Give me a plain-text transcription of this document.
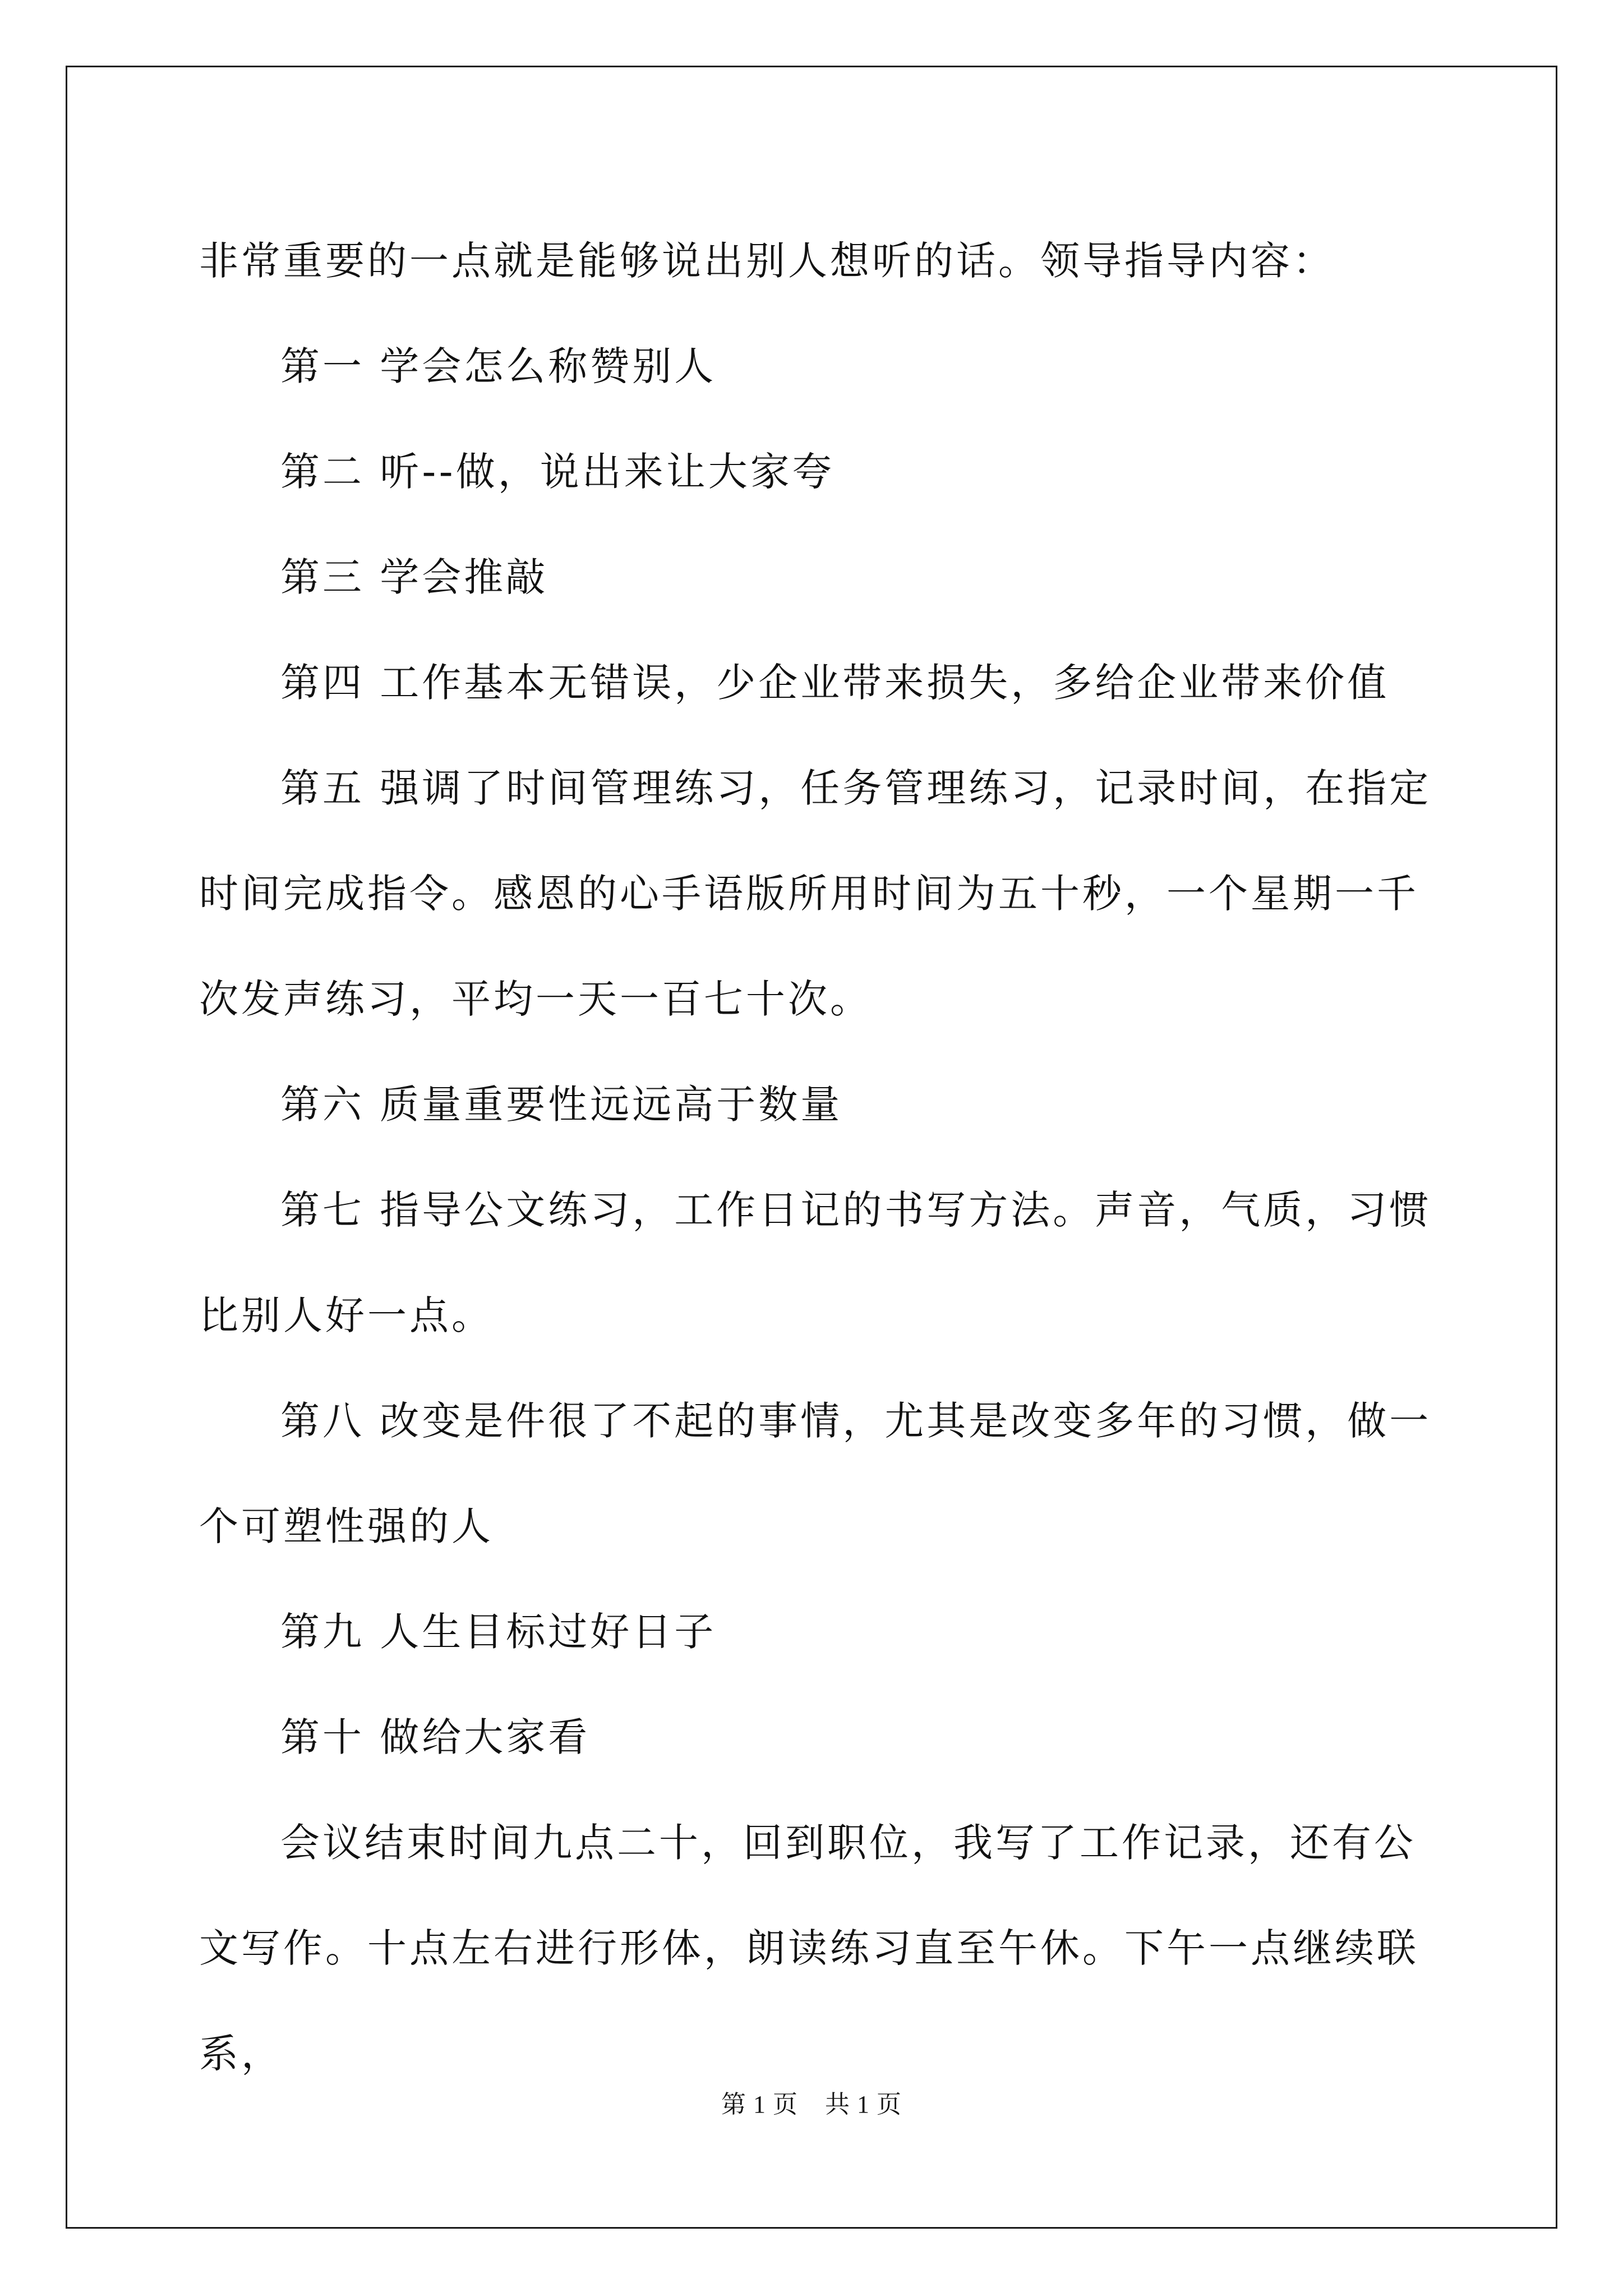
非常重要的一点就是能够说出别人想听的话。领导指导内容：

第一 学会怎么称赞别人

第二 听--做，说出来让大家夸

第三 学会推敲

第四 工作基本无错误，少企业带来损失，多给企业带来价值

第五 强调了时间管理练习，任务管理练习，记录时间，在指定时间完成指令。感恩的心手语版所用时间为五十秒，一个星期一千次发声练习，平均一天一百七十次。

第六 质量重要性远远高于数量

第七 指导公文练习，工作日记的书写方法。声音，气质，习惯比别人好一点。

第八 改变是件很了不起的事情，尤其是改变多年的习惯，做一个可塑性强的人

第九 人生目标过好日子

第十 做给大家看

会议结束时间九点二十，回到职位，我写了工作记录，还有公文写作。十点左右进行形体，朗读练习直至午休。下午一点继续联系，

第 1 页    共 1 页
